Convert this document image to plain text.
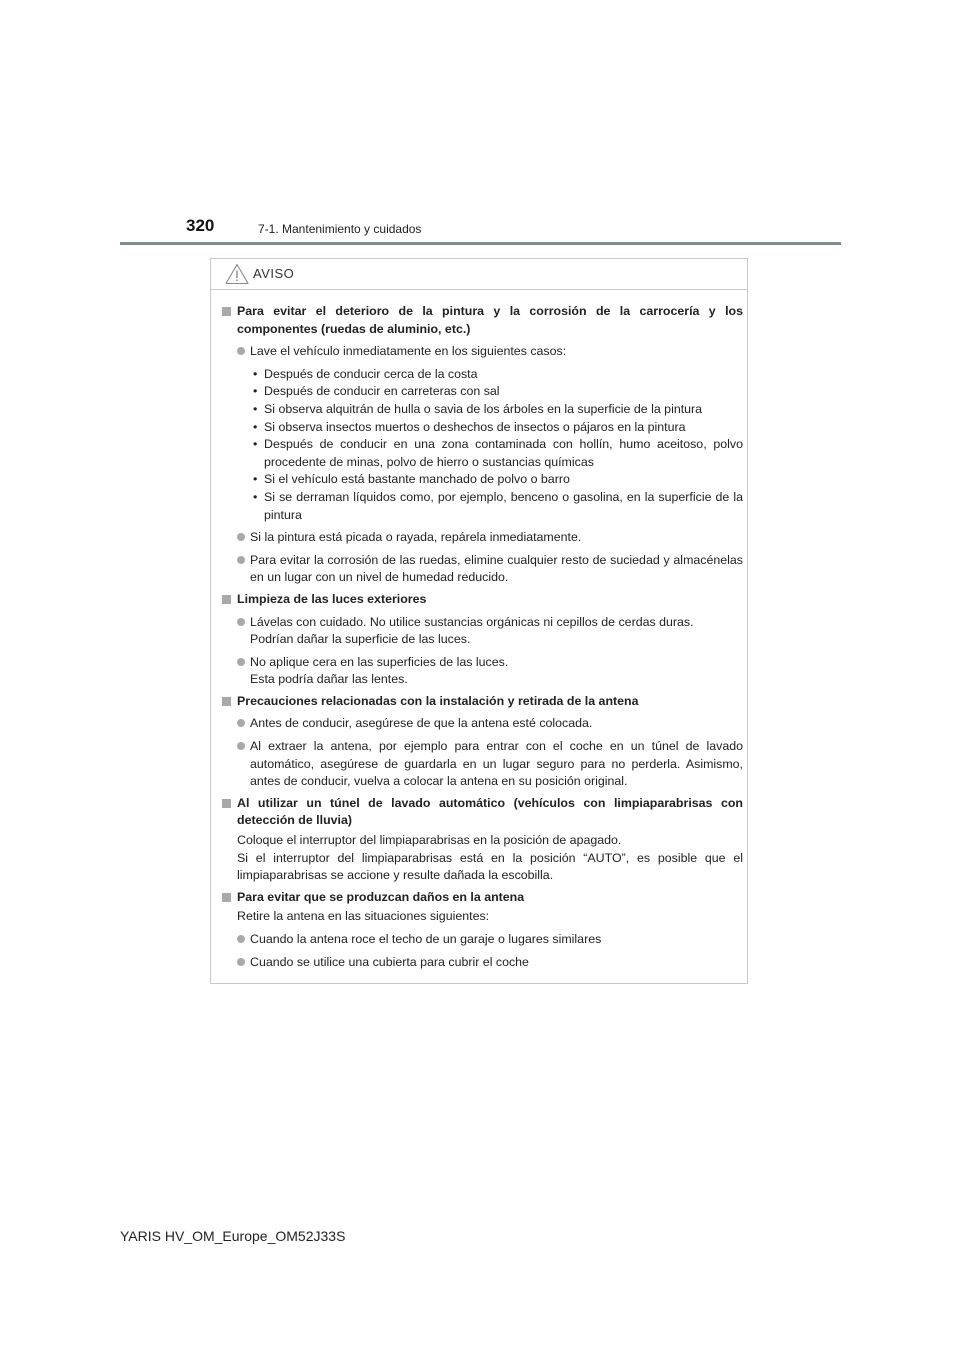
320	7-1. Mantenimiento y cuidados
AVISO
Para evitar el deterioro de la pintura y la corrosión de la carrocería y los componentes (ruedas de aluminio, etc.)
Lave el vehículo inmediatamente en los siguientes casos:
• Después de conducir cerca de la costa
• Después de conducir en carreteras con sal
• Si observa alquitrán de hulla o savia de los árboles en la superficie de la pintura
• Si observa insectos muertos o deshechos de insectos o pájaros en la pintura
• Después de conducir en una zona contaminada con hollín, humo aceitoso, polvo procedente de minas, polvo de hierro o sustancias químicas
• Si el vehículo está bastante manchado de polvo o barro
• Si se derraman líquidos como, por ejemplo, benceno o gasolina, en la superficie de la pintura
Si la pintura está picada o rayada, repárela inmediatamente.
Para evitar la corrosión de las ruedas, elimine cualquier resto de suciedad y almacénelas en un lugar con un nivel de humedad reducido.
Limpieza de las luces exteriores
Lávelas con cuidado. No utilice sustancias orgánicas ni cepillos de cerdas duras.
Podrían dañar la superficie de las luces.
No aplique cera en las superficies de las luces.
Esta podría dañar las lentes.
Precauciones relacionadas con la instalación y retirada de la antena
Antes de conducir, asegúrese de que la antena esté colocada.
Al extraer la antena, por ejemplo para entrar con el coche en un túnel de lavado automático, asegúrese de guardarla en un lugar seguro para no perderla. Asimismo, antes de conducir, vuelva a colocar la antena en su posición original.
Al utilizar un túnel de lavado automático (vehículos con limpiaparabrisas con detección de lluvia)
Coloque el interruptor del limpiaparabrisas en la posición de apagado.
Si el interruptor del limpiaparabrisas está en la posición “AUTO”, es posible que el limpiaparabrisas se accione y resulte dañada la escobilla.
Para evitar que se produzcan daños en la antena
Retire la antena en las situaciones siguientes:
Cuando la antena roce el techo de un garaje o lugares similares
Cuando se utilice una cubierta para cubrir el coche
YARIS HV_OM_Europe_OM52J33S
